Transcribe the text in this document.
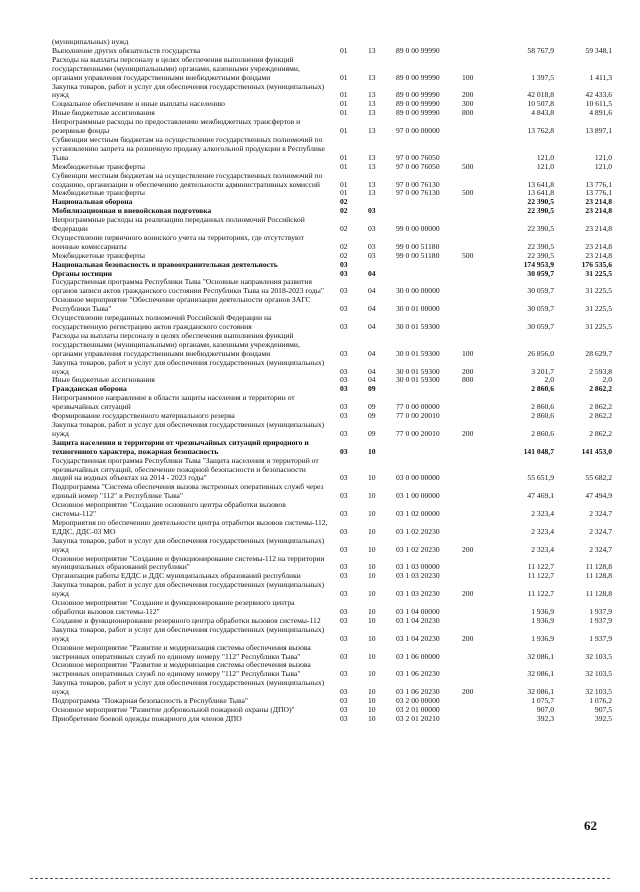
(муниципальных) нужд
Выполнение других обязательств государства	01	13	89 0 00 99990	58 767,9	59 348,1
Расходы на выплаты персоналу в целях обеспечения выполнения функций государственными (муниципальными) органами, казенными учреждениями, органами управления государственными внебюджетными фондами	01	13	89 0 00 99990	100	1 397,5	1 411,3
Закупка товаров, работ и услуг для обеспечения государственных (муниципальных) нужд	01	13	89 0 00 99990	200	42 018,8	42 433,6
Социальное обеспечение и иные выплаты населению	01	13	89 0 00 99990	300	10 507,8	10 611,5
Иные бюджетные ассигнования	01	13	89 0 00 99990	800	4 843,8	4 891,6
Непрограммные расходы по предоставлению межбюджетных трансфертов и резервные фонды	01	13	97 0 00 00000	13 762,8	13 897,1
Субвенции местным бюджетам на осуществление государственных полномочий по установлению запрета на розничную продажу алкогольной продукции в Республике Тыва	01	13	97 0 00 76050	121,0	121,0
Межбюджетные трансферты	01	13	97 0 00 76050	500	121,0	121,0
Субвенции местным бюджетам на осуществление государственных полномочий по созданию, организации и обеспечению деятельности административных комиссий	01	13	97 0 00 76130	13 641,8	13 776,1
Межбюджетные трансферты	01	13	97 0 00 76130	500	13 641,8	13 776,1
Национальная оборона	02	22 390,5	23 214,8
Мобилизационная и вневойсковая подготовка	02	03	22 390,5	23 214,8
Непрограммные расходы на реализацию переданных полномочий Российской Федерации	02	03	99 0 00 00000	22 390,5	23 214,8
Осуществление первичного воинского учета на территориях, где отсутствуют военные комиссариаты	02	03	99 0 00 51180	22 390,5	23 214,8
Межбюджетные трансферты	02	03	99 0 00 51180	500	22 390,5	23 214,8
Национальная безопасность и правоохранительная деятельность	03	174 953,9	176 535,6
Органы юстиции	03	04	30 059,7	31 225,5
Государственная программа Республики Тыва "Основные направления развития органов записи актов гражданского состояния Республики Тыва на 2018-2023 годы"	03	04	30 0 00 00000	30 059,7	31 225,5
Основное мероприятие "Обеспечение организации деятельности органов ЗАГС Республики Тыва"	03	04	30 0 01 00000	30 059,7	31 225,5
Осуществление переданных полномочий Российской Федерации на государственную регистрацию актов гражданского состояния	03	04	30 0 01 59300	30 059,7	31 225,5
Расходы на выплаты персоналу в целях обеспечения выполнения функций государственными (муниципальными) органами, казенными учреждениями, органами управления государственными внебюджетными фондами	03	04	30 0 01 59300	100	26 856,0	28 629,7
Закупка товаров, работ и услуг для обеспечения государственных (муниципальных) нужд	03	04	30 0 01 59300	200	3 201,7	2 593,8
Иные бюджетные ассигнования	03	04	30 0 01 59300	800	2,0	2,0
Гражданская оборона	03	09	2 860,6	2 862,2
Непрограммное направление в области защиты населения и территории от чрезвычайных ситуаций	03	09	77 0 00 00000	2 860,6	2 862,2
Формирование государственного материального резерва	03	09	77 0 00 20010	2 860,6	2 862,2
Закупка товаров, работ и услуг для обеспечения государственных (муниципальных) нужд	03	09	77 0 00 20010	200	2 860,6	2 862,2
Защита населения и территории от чрезвычайных ситуаций природного и техногенного характера, пожарная безопасность	03	10	141 048,7	141 453,0
Государственная программа Республики Тыва "Защита населения и территорий от чрезвычайных ситуаций, обеспечение пожарной безопасности и безопасности людей на водных объектах на 2014 - 2023 годы"	03	10	03 0 00 00000	55 651,9	55 682,2
Подпрограмма "Система обеспечения вызова экстренных оперативных служб через единый номер "112" в Республике Тыва"	03	10	03 1 00 00000	47 469,1	47 494,9
Основное мероприятие "Создание основного центра обработки вызовов системы-112"	03	10	03 1 02 00000	2 323,4	2 324,7
Мероприятия по обеспечению деятельности центра отработки вызовов системы-112, ЕДДС, ДДС-03 МО	03	10	03 1 02 20230	2 323,4	2 324,7
Закупка товаров, работ и услуг для обеспечения государственных (муниципальных) нужд	03	10	03 1 02 20230	200	2 323,4	2 324,7
Основное мероприятие "Создание и функционирование системы-112 на территории муниципальных образований республики"	03	10	03 1 03 00000	11 122,7	11 128,8
Организация работы ЕДДС и ДДС муниципальных образований республики	03	10	03 1 03 20230	11 122,7	11 128,8
Закупка товаров, работ и услуг для обеспечения государственных (муниципальных) нужд	03	10	03 1 03 20230	200	11 122,7	11 128,8
Основное мероприятие "Создание и функционирование резервного центра обработки вызовов системы-112"	03	10	03 1 04 00000	1 936,9	1 937,9
Создание и функционирование резервного центра обработки вызовов системы-112	03	10	03 1 04 20230	1 936,9	1 937,9
Закупка товаров, работ и услуг для обеспечения государственных (муниципальных) нужд	03	10	03 1 04 20230	200	1 936,9	1 937,9
Основное мероприятие "Развитие и модернизация системы обеспечения вызова экстренных оперативных служб по единому номеру "112" Республики Тыва"	03	10	03 1 06 00000	32 086,1	32 103,5
Основное мероприятие "Развитие и модернизация системы обеспечения вызова экстренных оперативных служб по единому номеру "112" Республики Тыва"	03	10	03 1 06 20230	32 086,1	32 103,5
Закупка товаров, работ и услуг для обеспечения государственных (муниципальных) нужд	03	10	03 1 06 20230	200	32 086,1	32 103,5
Подпрограмма "Пожарная безопасность в Республике Тыва"	03	10	03 2 00 00000	1 075,7	1 076,2
Основное мероприятие "Развитие добровольной пожарной охраны (ДПО)"	03	10	03 2 01 00000	907,0	907,5
Приобретение боевой одежды пожарного для членов ДПО	03	10	03 2 01 20210	392,3	392,5
62
